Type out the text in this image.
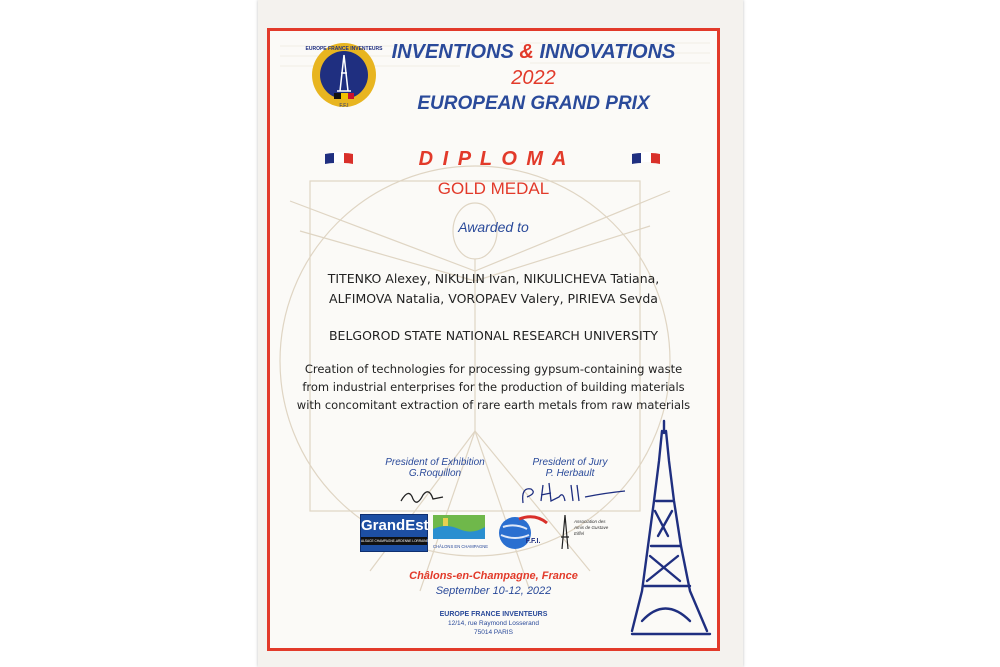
F.F.I
EUROPE FRANCE INVENTEURS INVENTIONS & INNOVATIONS
2022
EUROPEAN GRAND PRIX
D I P L O M A
GOLD MEDAL
Awarded to
TITENKO Alexey, NIKULIN Ivan, NIKULICHEVA Tatiana,
ALFIMOVA Natalia, VOROPAEV Valery, PIRIEVA Sevda
BELGOROD STATE NATIONAL RESEARCH UNIVERSITY
Creation of technologies for processing gypsum-containing waste
from industrial enterprises for the production of building materials
with concomitant extraction of rare earth metals from raw materials
President of Exhibition
G.Roquillon
President of Jury
P. Herbault
GrandEst
ALSACE CHAMPAGNE-ARDENNE LORRAINE
CHÂLONS EN CHAMPAGNE
F.F.I.
Association des Amis de Gustave Eiffel
Châlons-en-Champagne, France
September 10-12, 2022
EUROPE FRANCE INVENTEURS
12/14, rue Raymond Losserand
75014 PARIS
